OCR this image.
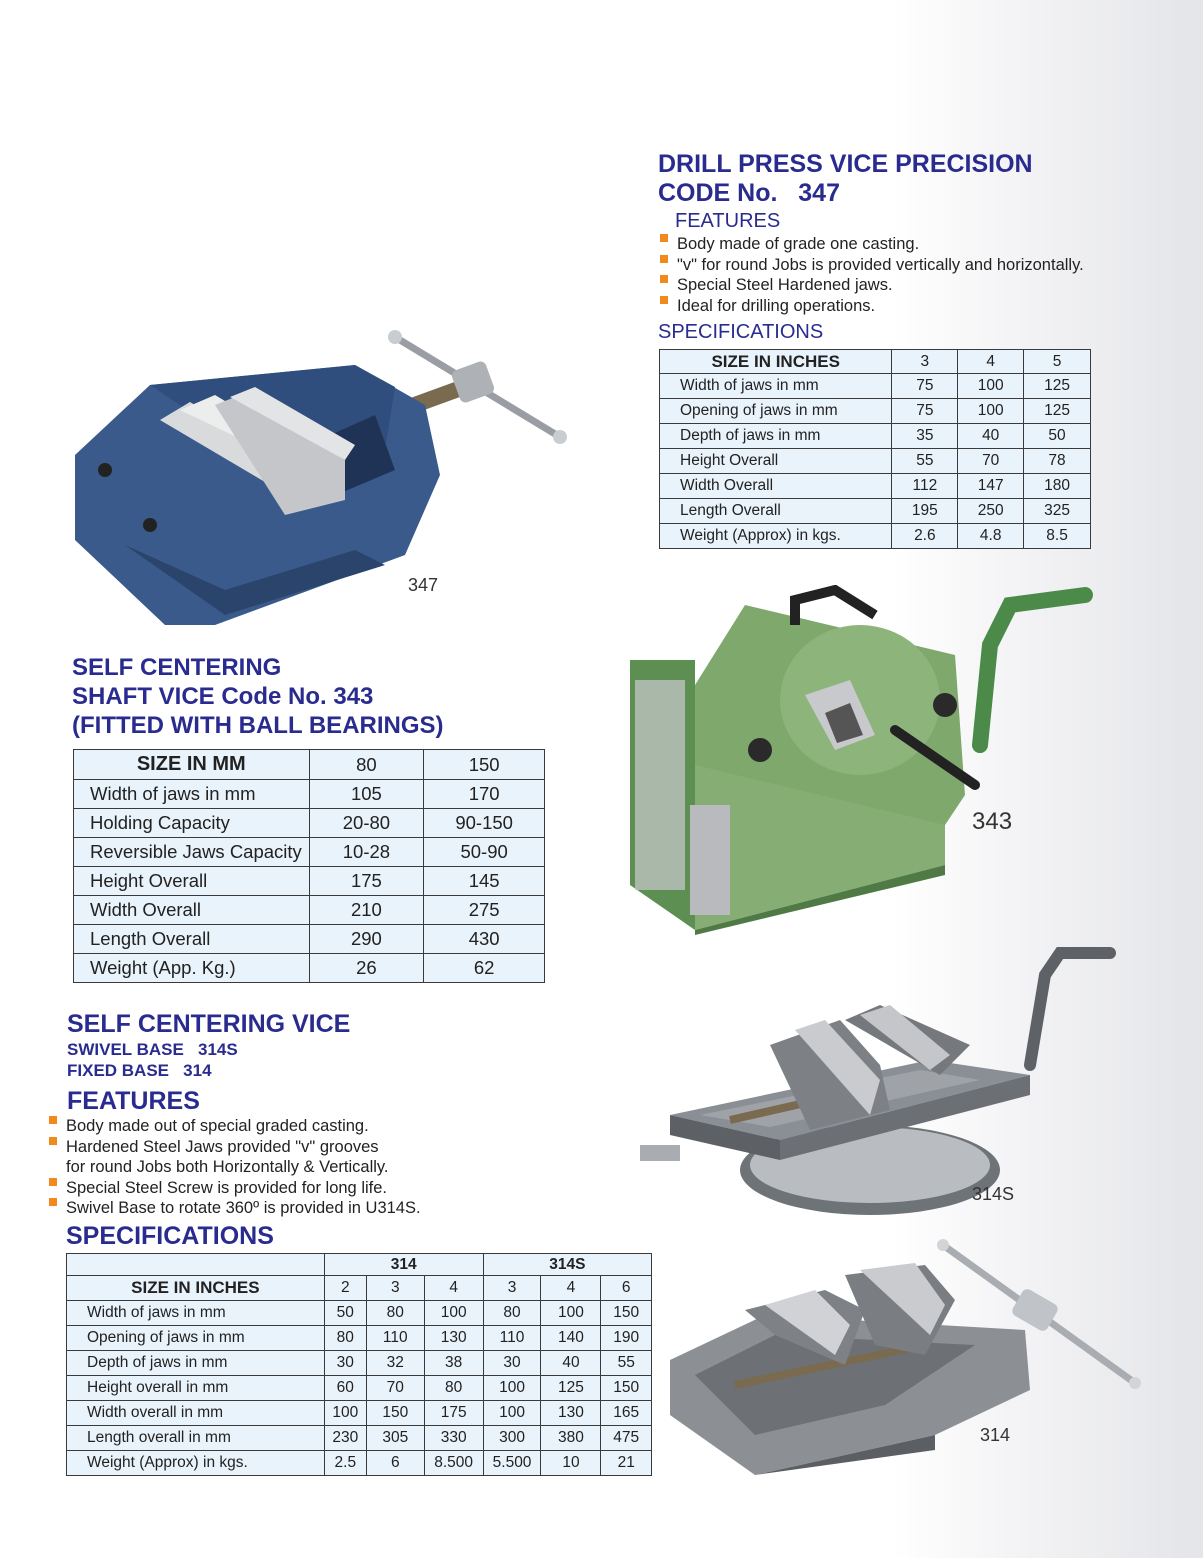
DRILL PRESS VICE PRECISION
CODE No.   347
FEATURES
Body made of grade one casting.
"v" for round Jobs is provided vertically and horizontally.
Special Steel Hardened jaws.
Ideal for drilling operations.
SPECIFICATIONS
SIZE IN INCHES	3	4	5
Width of jaws in mm	75	100	125
Opening of jaws in mm	75	100	125
Depth of jaws in mm	35	40	50
Height Overall	55	70	78
Width Overall	112	147	180
Length Overall	195	250	325
Weight (Approx) in kgs.	2.6	4.8	8.5
347
SELF CENTERING
SHAFT VICE Code No. 343
(FITTED WITH BALL BEARINGS)
SIZE IN MM	80	150
Width of jaws in mm	105	170
Holding Capacity	20-80	90-150
Reversible Jaws Capacity	10-28	50-90
Height Overall	175	145
Width Overall	210	275
Length Overall	290	430
Weight (App. Kg.)	26	62
343
SELF CENTERING VICE
SWIVEL BASE   314S
FIXED BASE   314
FEATURES
Body made out of special graded casting.
Hardened Steel Jaws provided "v" grooves
for round Jobs both Horizontally & Vertically.
Special Steel Screw is provided for long life.
Swivel Base to rotate 360º is provided in U314S.
SPECIFICATIONS
	314			314S		
SIZE IN INCHES	2	3	4	3	4	6
Width of jaws in mm	50	80	100	80	100	150
Opening of jaws in mm	80	110	130	110	140	190
Depth of jaws in mm	30	32	38	30	40	55
Height overall in mm	60	70	80	100	125	150
Width overall in mm	100	150	175	100	130	165
Length overall in mm	230	305	330	300	380	475
Weight (Approx) in kgs.	2.5	6	8.500	5.500	10	21
314S
314
